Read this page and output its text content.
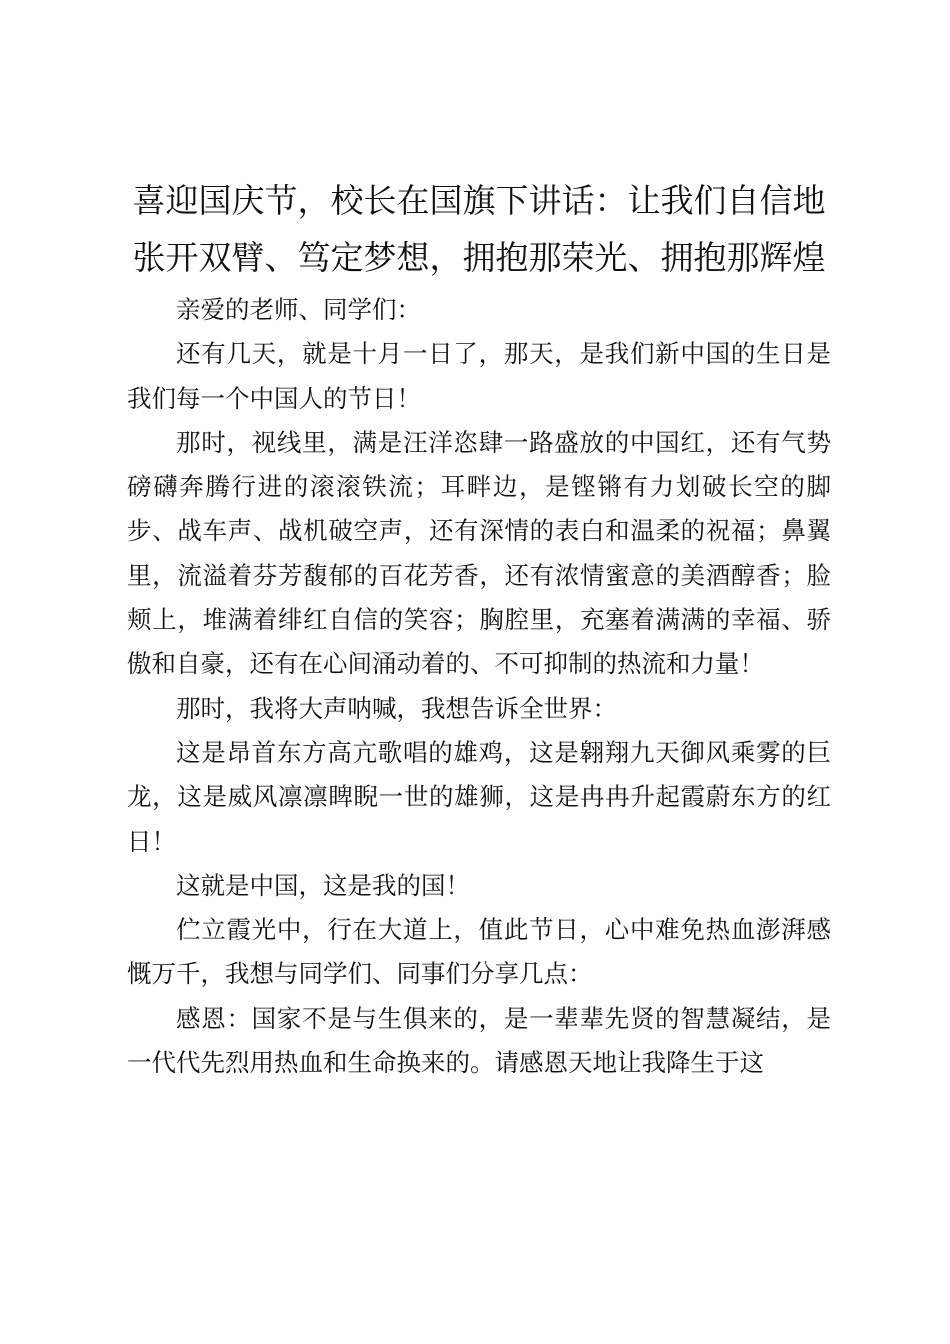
喜迎国庆节，校长在国旗下讲话：让我们自信地张开双臂、笃定梦想，拥抱那荣光、拥抱那辉煌

亲爱的老师、同学们：

还有几天，就是十月一日了，那天，是我们新中国的生日是我们每一个中国人的节日！

那时，视线里，满是汪洋恣肆一路盛放的中国红，还有气势磅礴奔腾行进的滚滚铁流；耳畔边，是铿锵有力划破长空的脚步、战车声、战机破空声，还有深情的表白和温柔的祝福；鼻翼里，流溢着芬芳馥郁的百花芳香，还有浓情蜜意的美酒醇香；脸颊上，堆满着绯红自信的笑容；胸腔里，充塞着满满的幸福、骄傲和自豪，还有在心间涌动着的、不可抑制的热流和力量！

那时，我将大声呐喊，我想告诉全世界：

这是昂首东方高亢歌唱的雄鸡，这是翱翔九天御风乘雾的巨龙，这是威风凛凛睥睨一世的雄狮，这是冉冉升起霞蔚东方的红日！

这就是中国，这是我的国！

伫立霞光中，行在大道上，值此节日，心中难免热血澎湃感慨万千，我想与同学们、同事们分享几点：

感恩：国家不是与生俱来的，是一辈辈先贤的智慧凝结，是一代代先烈用热血和生命换来的。请感恩天地让我降生于这
